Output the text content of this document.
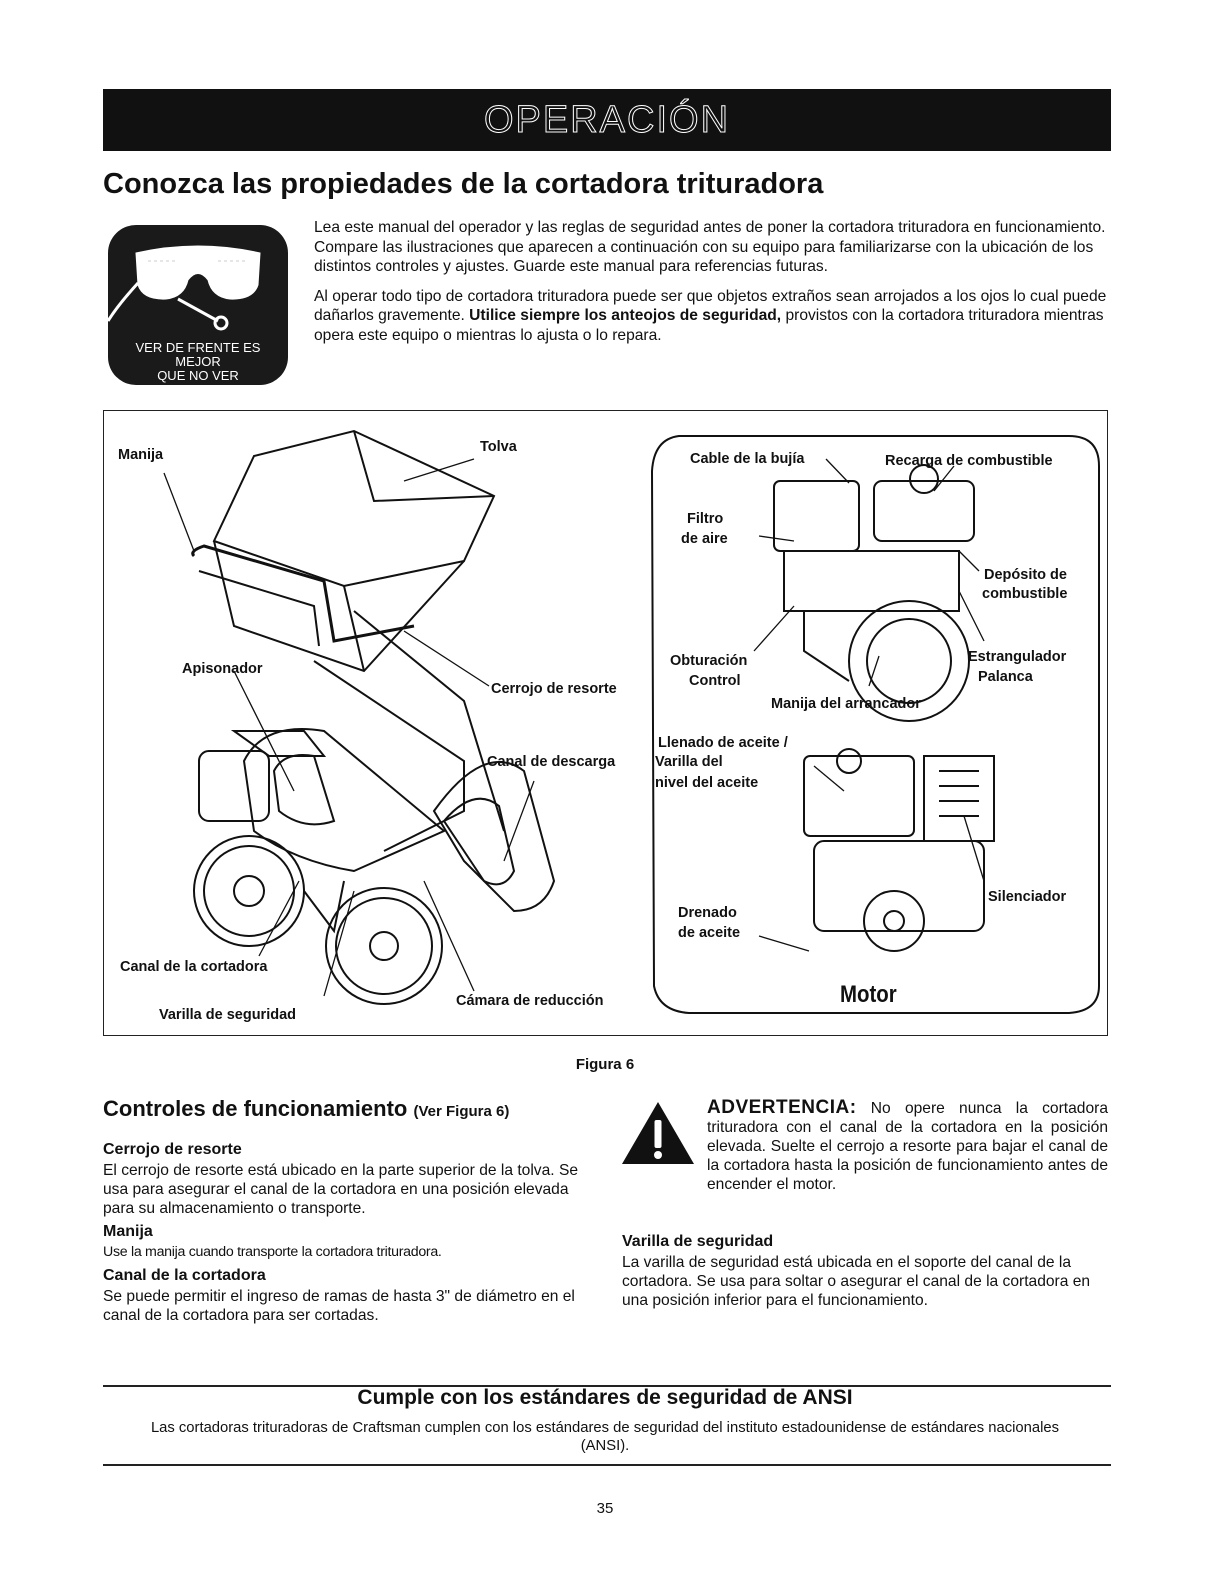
OPERACIÓN
Conozca las propiedades de la cortadora trituradora
VER DE FRENTE ES
MEJOR
QUE NO VER

Lea este manual del operador y las reglas de seguridad antes de poner la cortadora trituradora en funcionamiento. Compare las ilustraciones que aparecen a continuación con su equipo para familiarizarse con la ubicación de los distintos controles y ajustes. Guarde este manual para referencias futuras.

Al operar todo tipo de cortadora trituradora puede ser que objetos extraños sean arrojados a los ojos lo cual puede dañarlos gravemente. Utilice siempre los anteojos de seguridad, provistos con la cortadora trituradora mientras opera este equipo o mientras lo ajusta o lo repara.

Manija	Tolva
Apisonador
Cerrojo de resorte
Canal de descarga
Canal de la cortadora
Varilla de seguridad
Cámara de reducción
Cable de la bujía	Recarga de combustible
Filtro
de aire
Depósito de
combustible
Obturación
Control
Estrangulador
Palanca
Manija del arrancador
Llenado de aceite /
Varilla del
nivel del aceite
Silenciador
Drenado
de aceite
Motor
Figura 6
Controles de funcionamiento (Ver Figura 6)
Cerrojo de resorte

El cerrojo de resorte está ubicado en la parte superior de la tolva. Se usa para asegurar el canal de la cortadora en una posición elevada para su almacenamiento o transporte.

Manija

Use la manija cuando transporte la cortadora trituradora.

Canal de la cortadora

Se puede permitir el ingreso de ramas de hasta 3" de diámetro en el canal de la cortadora para ser cortadas.

ADVERTENCIA: No opere nunca la cortadora trituradora con el canal de la cortadora en la posición elevada. Suelte el cerrojo a resorte para bajar el canal de la cortadora hasta la posición de funcionamiento antes de encender el motor.
Varilla de seguridad

La varilla de seguridad está ubicada en el soporte del canal de la cortadora. Se usa para soltar o asegurar el canal de la cortadora en una posición inferior para el funcionamiento.

Cumple con los estándares de seguridad de ANSI
Las cortadoras trituradoras de Craftsman cumplen con los estándares de seguridad del instituto estadounidense de estándares nacionales (ANSI).
35
